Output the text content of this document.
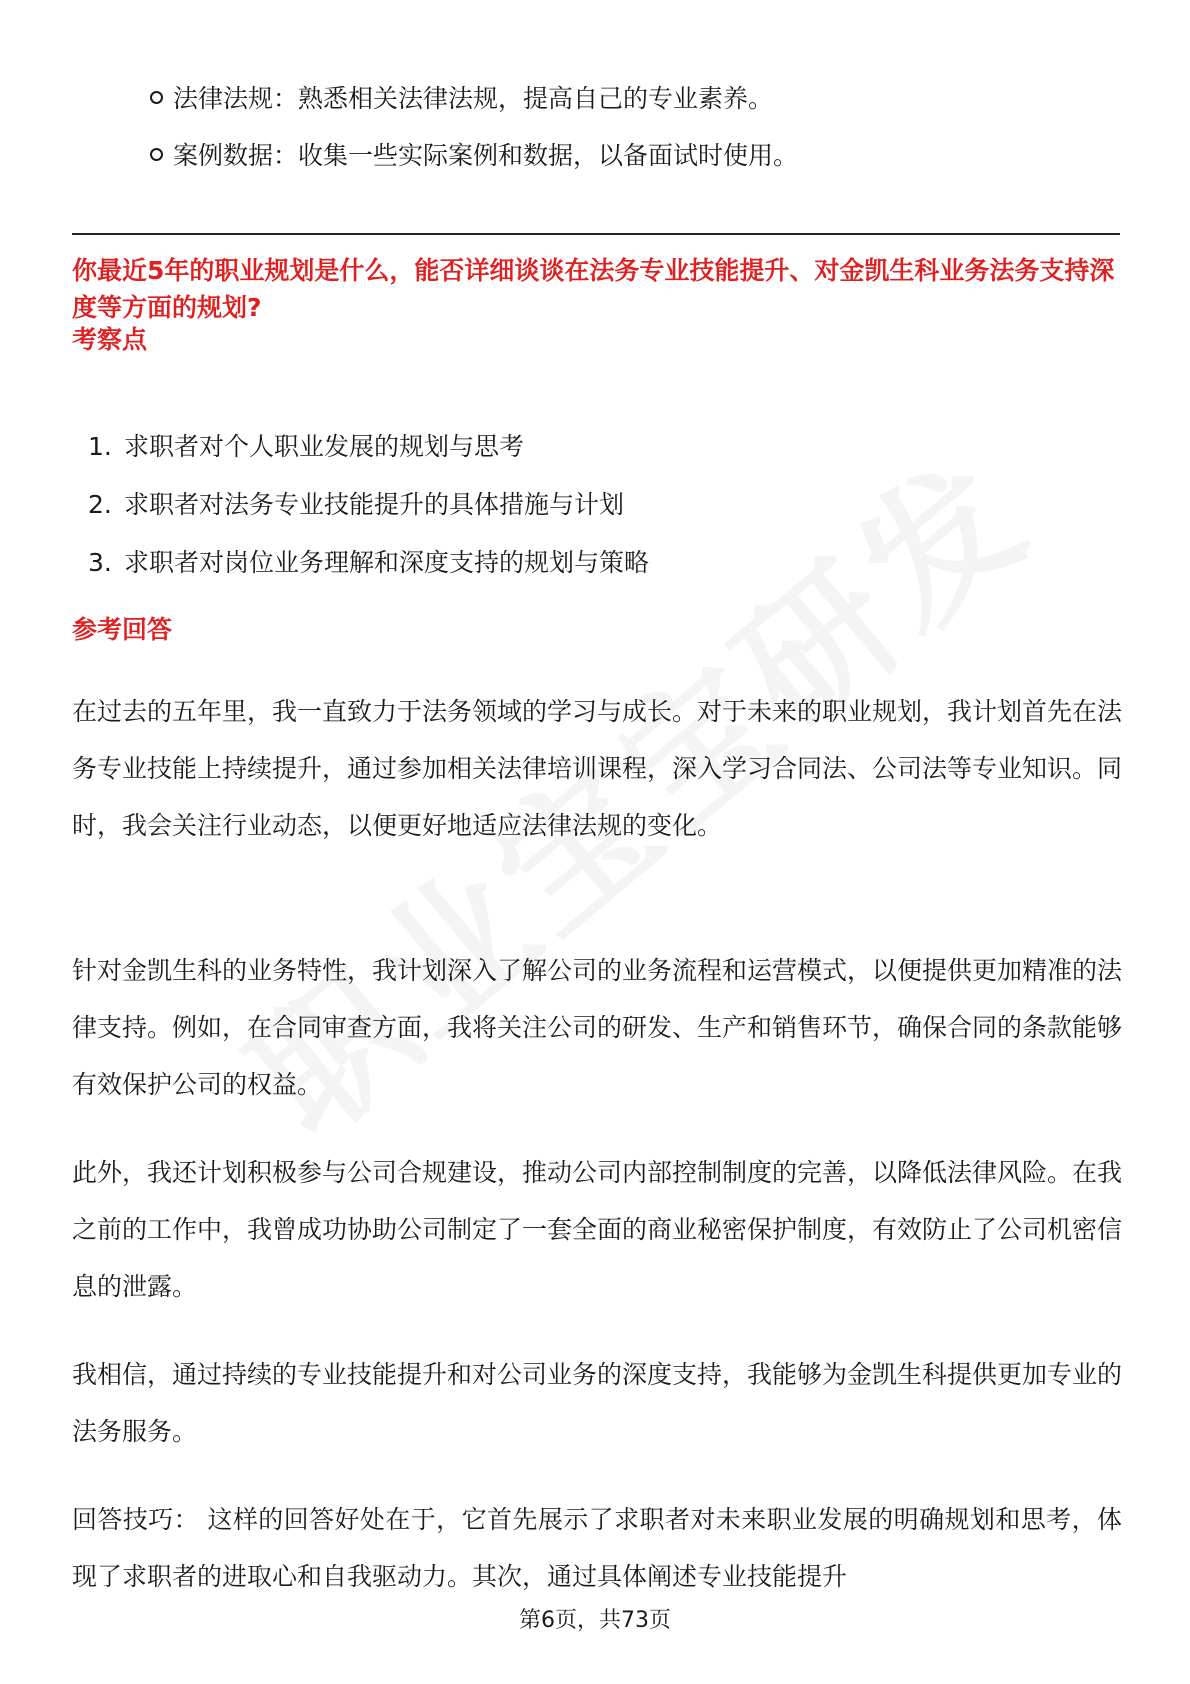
法律法规：熟悉相关法律法规，提高自己的专业素养。
案例数据：收集一些实际案例和数据，以备面试时使用。
你最近5年的职业规划是什么，能否详细谈谈在法务专业技能提升、对金凯生科业务法务支持深度等方面的规划?
考察点
1. 求职者对个人职业发展的规划与思考
2. 求职者对法务专业技能提升的具体措施与计划
3. 求职者对岗位业务理解和深度支持的规划与策略
参考回答

在过去的五年里，我一直致力于法务领域的学习与成长。对于未来的职业规划，我计划首先在法务专业技能上持续提升，通过参加相关法律培训课程，深入学习合同法、公司法等专业知识。同时，我会关注行业动态，以便更好地适应法律法规的变化。

针对金凯生科的业务特性，我计划深入了解公司的业务流程和运营模式，以便提供更加精准的法律支持。例如，在合同审查方面，我将关注公司的研发、生产和销售环节，确保合同的条款能够有效保护公司的权益。

此外，我还计划积极参与公司合规建设，推动公司内部控制制度的完善，以降低法律风险。在我之前的工作中，我曾成功协助公司制定了一套全面的商业秘密保护制度，有效防止了公司机密信息的泄露。

我相信，通过持续的专业技能提升和对公司业务的深度支持，我能够为金凯生科提供更加专业的法务服务。

回答技巧： 这样的回答好处在于，它首先展示了求职者对未来职业发展的明确规划和思考，体现了求职者的进取心和自我驱动力。其次，通过具体阐述专业技能提升

第6页，共73页
